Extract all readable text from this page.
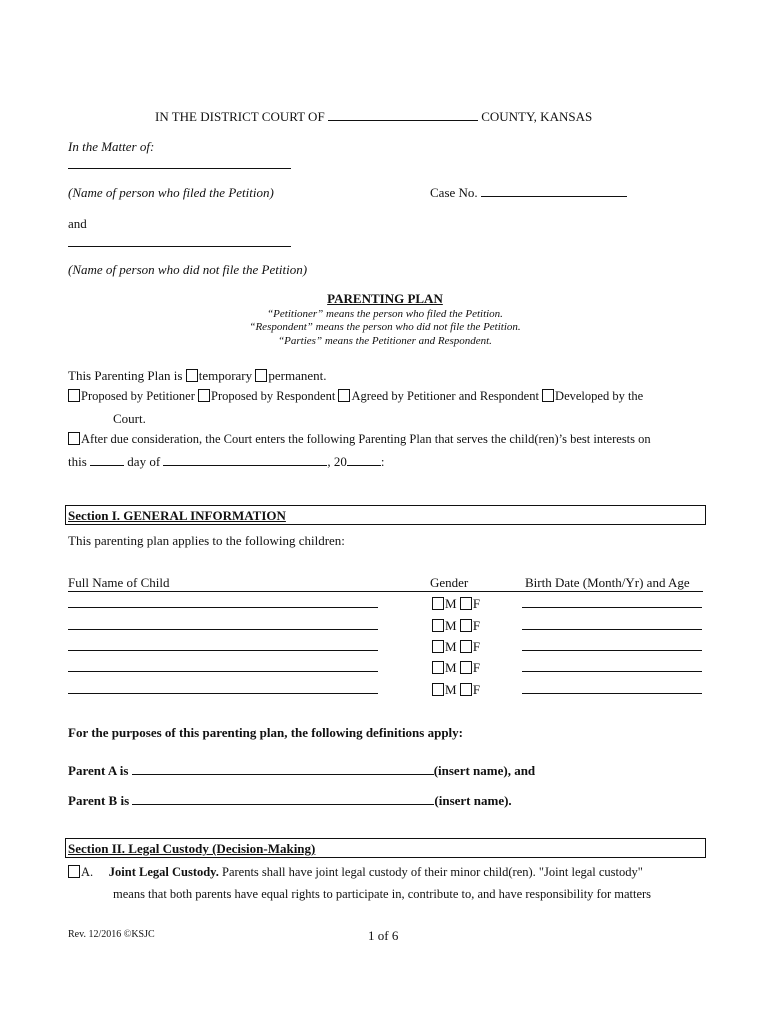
IN THE DISTRICT COURT OF	COUNTY, KANSAS
In the Matter of:
(Name of person who filed the Petition)	Case No.
and
(Name of person who did not file the Petition)
PARENTING PLAN
“Petitioner” means the person who filed the Petition.
“Respondent” means the person who did not file the Petition.
“Parties” means the Petitioner and Respondent.
This Parenting Plan is temporary permanent.
Proposed by Petitioner Proposed by Respondent Agreed by Petitioner and Respondent Developed by the
Court.
After due consideration, the Court enters the following Parenting Plan that serves the child(ren)’s best interests on
this	day of	, 20	:
Section I. GENERAL INFORMATION
This parenting plan applies to the following children:
Full Name of Child	Gender	Birth Date (Month/Yr) and Age
M F
M F
M F
M F
M F
For the purposes of this parenting plan, the following definitions apply:
Parent A is	(insert name), and
Parent B is	(insert name).
Section II. Legal Custody (Decision-Making)
A. Joint Legal Custody. Parents shall have joint legal custody of their minor child(ren). "Joint legal custody"
means that both parents have equal rights to participate in, contribute to, and have responsibility for matters
Rev. 12/2016 ©KSJC	1 of 6
